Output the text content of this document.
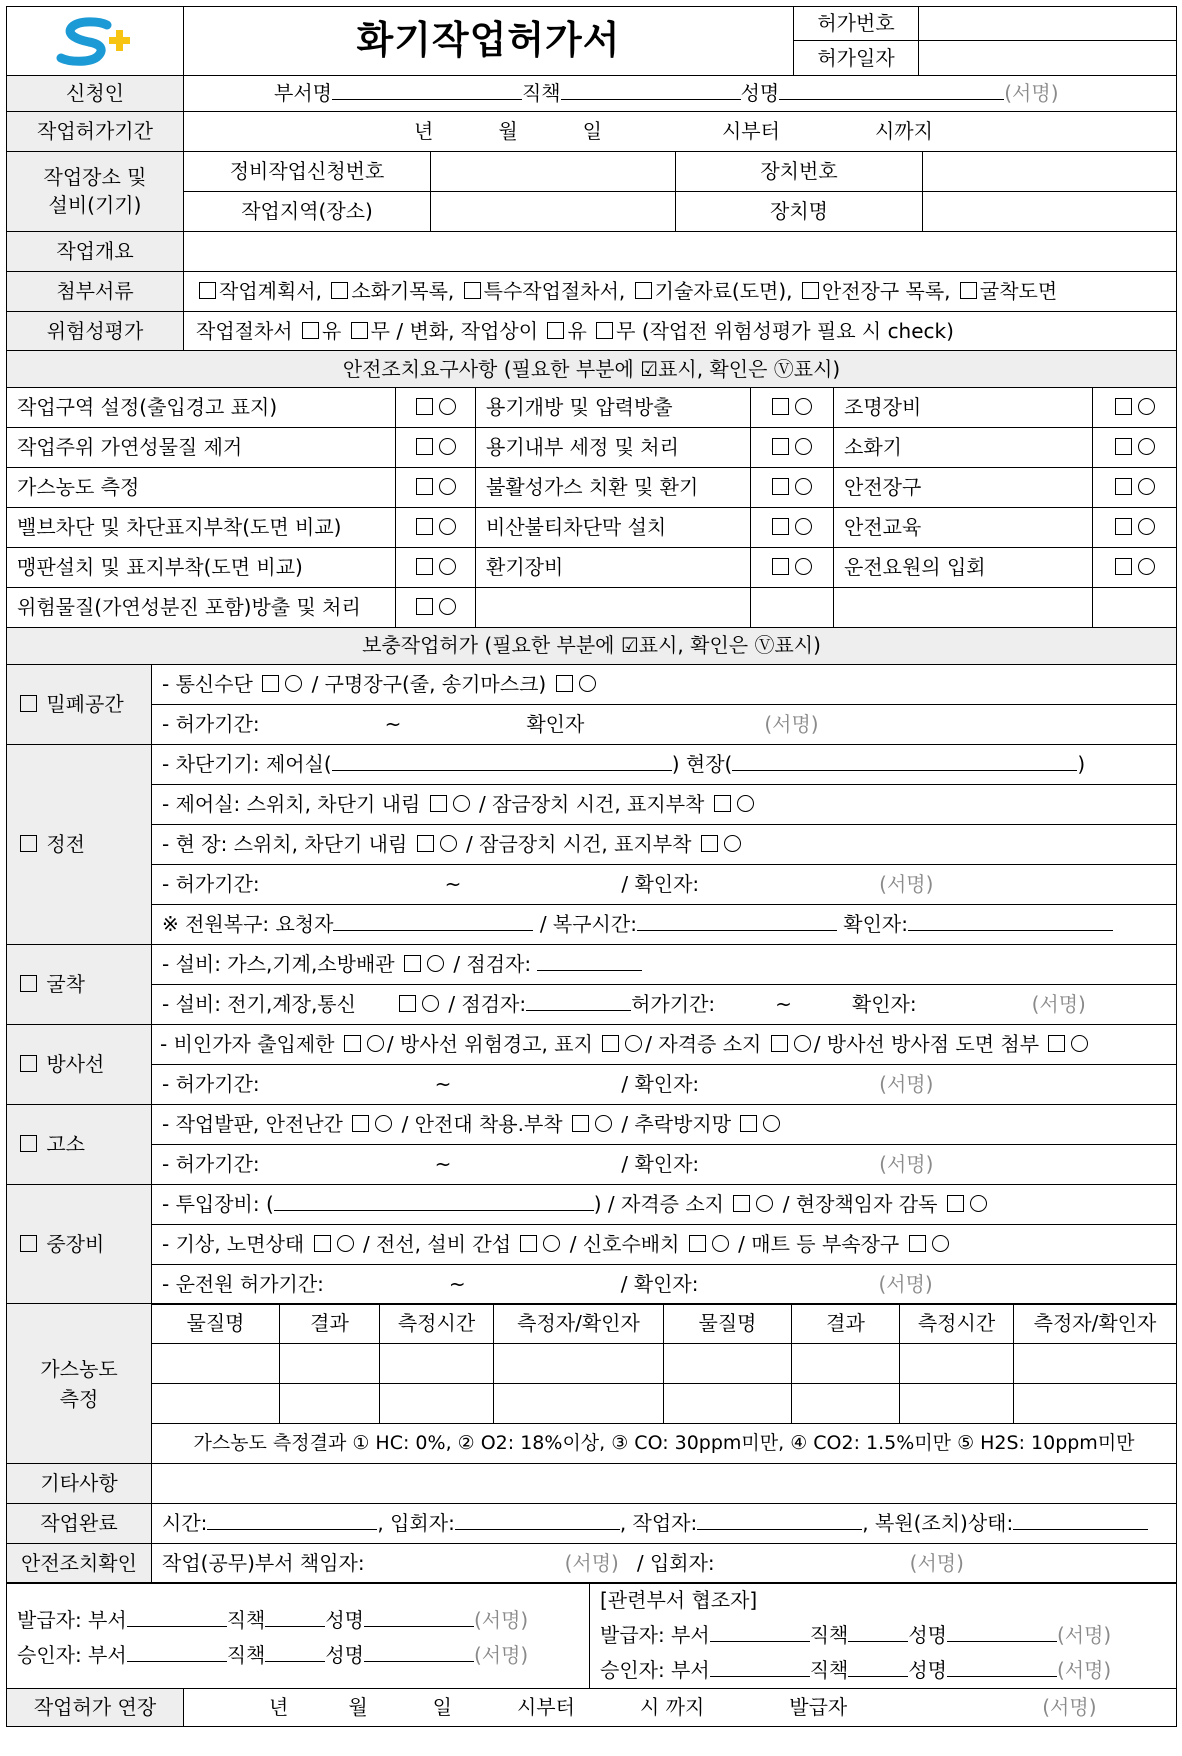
	화기작업허가서	허가번호	
		허가일자	
신청인	부서명 직책 성명 (서명)			
작업허가기간	년 월 일 시부터 시까지			

작업장소 및
설비(기기)	정비작업신청번호		장치번호	
	작업지역(장소)		장치명	
작업개요				
첨부서류	작업계획서, 소화기목록, 특수작업절차서, 기술자료(도면), 안전장구 목록, 굴착도면			
위험성평가	작업절차서 유 무 / 변화, 작업상이 유 무 (작업전 위험성평가 필요 시 check)			
안전조치요구사항 (필요한 부분에 ☑표시, 확인은 Ⓥ표시)					
작업구역 설정(출입경고 표지)		용기개방 및 압력방출		조명장비	
작업주위 가연성물질 제거		용기내부 세정 및 처리		소화기	
가스농도 측정		불활성가스 치환 및 환기		안전장구	
밸브차단 및 차단표지부착(도면 비교)		비산불티차단막 설치		안전교육	
맹판설치 및 표지부착(도면 비교)		환기장비		운전요원의 입회	
위험물질(가연성분진 포함)방출 및 처리					
보충작업허가 (필요한 부분에 ☑표시, 확인은 Ⓥ표시)	
밀폐공간	- 통신수단 / 구명장구(줄, 송기마스크)
	- 허가기간: ~ 확인자 (서명)
정전	- 차단기기: 제어실( ) 현장( )
	- 제어실: 스위치, 차단기 내림 / 잠금장치 시건, 표지부착
	- 현 장: 스위치, 차단기 내림 / 잠금장치 시건, 표지부착
	- 허가기간: ~ / 확인자: (서명)
	※ 전원복구: 요청자 / 복구시간: 확인자:
굴착	- 설비: 가스,기계,소방배관 / 점검자:
	- 설비: 전기,계장,통신 / 점검자: 허가기간: ~ 확인자: (서명)
방사선	- 비인가자 출입제한 / 방사선 위험경고, 표지 / 자격증 소지 / 방사선 방사점 도면 첨부
	- 허가기간: ~ / 확인자: (서명)
고소	- 작업발판, 안전난간 / 안전대 착용.부착 / 추락방지망
	- 허가기간: ~ / 확인자: (서명)
중장비	- 투입장비: ( ) / 자격증 소지 / 현장책임자 감독
	- 기상, 노면상태 / 전선, 설비 간섭 / 신호수배치 / 매트 등 부속장구
	- 운전원 허가기간: ~ / 확인자: (서명)
가스농도
측정	물질명	결과	측정시간	측정자/확인자	물질명	결과	측정시간	측정자/확인자

	가스농도 측정결과 ① HC: 0%, ② O2: 18%이상, ③ CO: 30ppm미만, ④ CO2: 1.5%미만 ⑤ H2S: 10ppm미만							
기타사항	
작업완료	시간: , 입회자: , 작업자: , 복원(조치)상태:
안전조치확인	작업(공무)부서 책임자: (서명) / 입회자: (서명)
발급자: 부서	직책	성명	(서명)
승인자: 부서	직책	성명	(서명)

[관련부서 협조자]
발급자: 부서	직책	성명	(서명)
승인자: 부서	직책	성명	(서명)
작업허가 연장	년	월	일	시부터	시 까지	발급자	(서명)
